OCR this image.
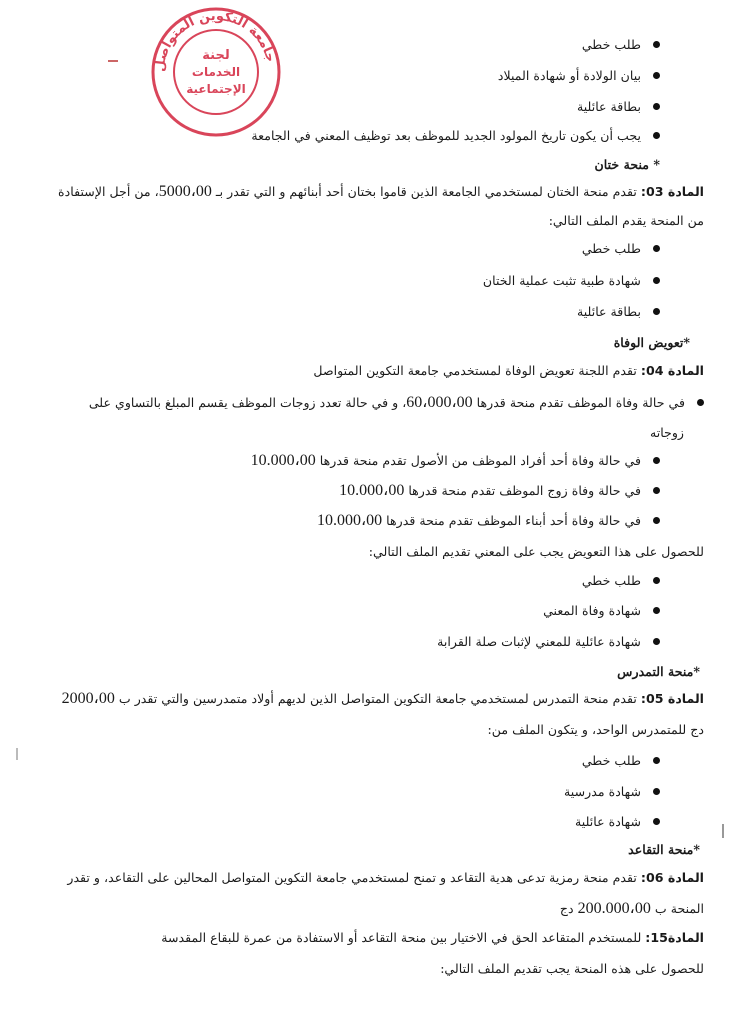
جامعة التكوين المتواصل
لجنة
الخدمات
الإجتماعية
طلب خطي
بيان الولادة أو شهادة الميلاد
بطاقة عائلية
يجب أن يكون تاريخ المولود الجديد للموظف بعد توظيف المعني في الجامعة
* منحة ختان
المادة 03: تقدم منحة الختان لمستخدمي الجامعة الذين قاموا بختان أحد أبنائهم و التي تقدر بـ 5000،00، من أجل الإستفادة
من المنحة يقدم الملف التالي:
طلب خطي
شهادة طبية تثبت عملية الختان
بطاقة عائلية
*تعويض الوفاة
المادة 04: تقدم اللجنة تعويض الوفاة لمستخدمي جامعة التكوين المتواصل
في حالة وفاة الموظف تقدم منحة قدرها 60،000،00، و في حالة تعدد زوجات الموظف يقسم المبلغ بالتساوي على
زوجاته
في حالة وفاة أحد أفراد الموظف من الأصول تقدم منحة قدرها 10.000،00
في حالة وفاة زوج الموظف تقدم منحة قدرها 10.000،00
في حالة وفاة أحد أبناء الموظف تقدم منحة قدرها 10.000،00
للحصول على هذا التعويض يجب على المعني تقديم الملف التالي:
طلب خطي
شهادة وفاة المعني
شهادة عائلية للمعني لإثبات صلة القرابة
*منحة التمدرس
المادة 05: تقدم منحة التمدرس لمستخدمي جامعة التكوين المتواصل الذين لديهم أولاد متمدرسين والتي تقدر ب 2000،00
دج للمتمدرس الواحد، و يتكون الملف من:
طلب خطي
شهادة مدرسية
شهادة عائلية
*منحة التقاعد
المادة 06: تقدم منحة رمزية تدعى هدية التقاعد و تمنح لمستخدمي جامعة التكوين المتواصل المحالين على التقاعد، و تقدر
المنحة ب 200.000،00 دج
المادة15: للمستخدم المتقاعد الحق في الاختيار بين منحة التقاعد أو الاستفادة من عمرة للبقاع المقدسة
للحصول على هذه المنحة يجب تقديم الملف التالي:
